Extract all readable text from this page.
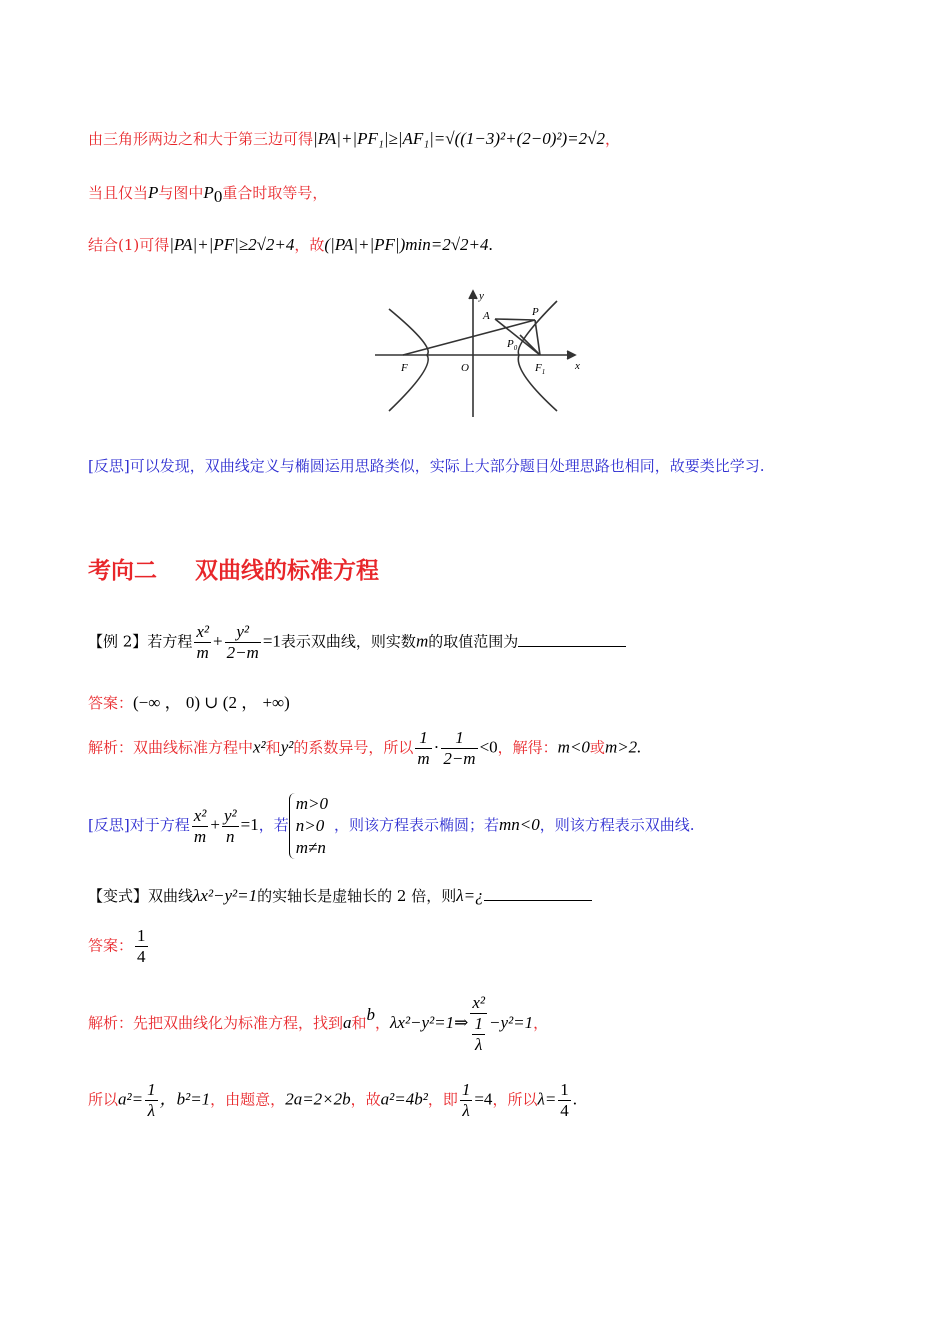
由三角形两边之和大于第三边可得|PA|+|PF₁|≥|AF₁|=√((1−3)²+(2−0)²)=2√2，
当且仅当P与图中$P_0$重合时取等号，
结合(1)可得|PA|+|PF|≥2√2+4，故(|PA|+|PF|)min=2√2+4.
y
x
A	P
$P_0$
F	O	$F_1$
[反思]可以发现，双曲线定义与椭圆运用思路类似，实际上大部分题目处理思路也相同，故要类比学习.
考向二 双曲线的标准方程
【例 2】若方程 $\frac{\text{x²}}{m} + \frac{\text{y²}}{2-m} =1$表示双曲线，则实数m的取值范围为
答案：(−∞ ， 0) ∪ (2 ， +∞)
解析：双曲线标准方程中x²和y²的系数异号，所以 $\frac{1}{m} \cdot \frac{1}{2-m} <0$，解得：m<0或m>2.
[反思]对于方程 $\frac{\text{x²}}{m} + \frac{\text{y²}}{n} =1$，若
m>0
n>0
m≠n
，则该方程表示椭圆；若mn<0，则该方程表示双曲线.
【变式】双曲线λx²−y²=1的实轴长是虚轴长的 2 倍，则λ=¿
答案： $\frac{1}{4}$
解析：先把双曲线化为标准方程，找到a和b，λx²−y²=1⇒ $\frac{\text{x²}}{\frac{1}{\lambda}} -y^2=1$，
所以$a^2= \frac{1}{\lambda}$ ，b²=1，由题意，2a=2×2b，故a²=4b²，即 $\frac{1}{\lambda} =4$，所以$\lambda= \frac{1}{4}$ .
